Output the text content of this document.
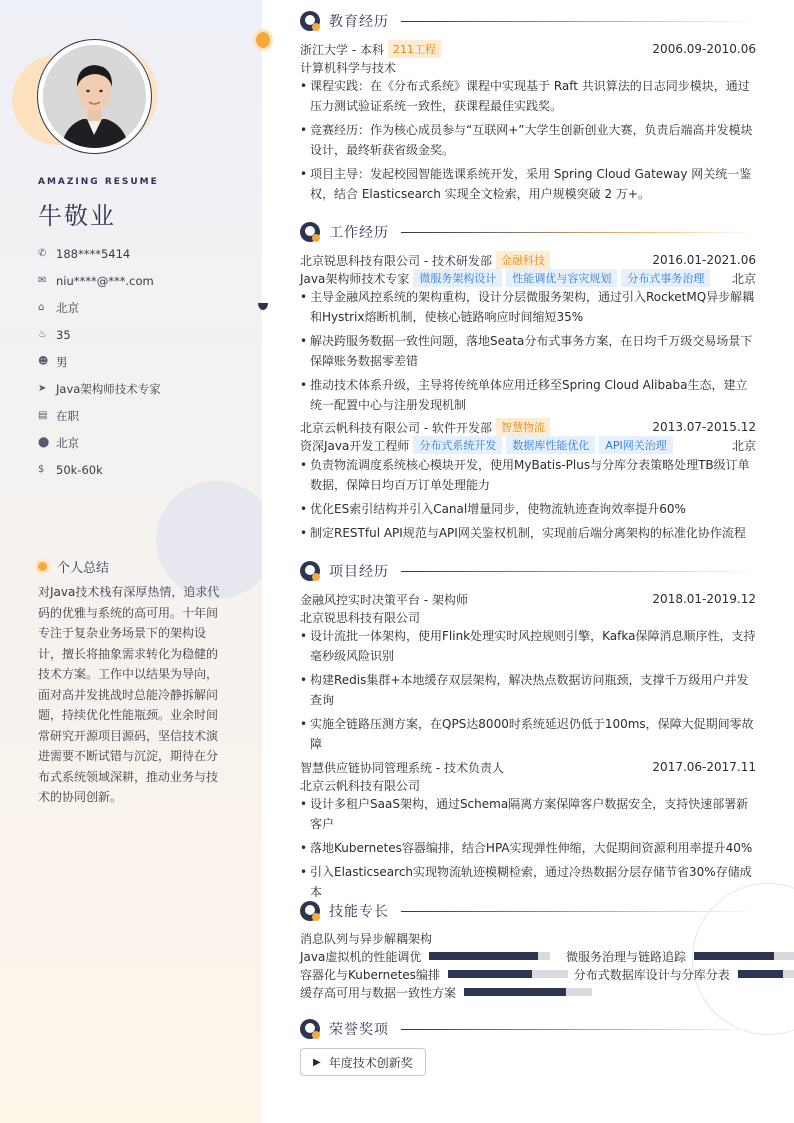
AMAZING RESUME
牛敬业
✆ 188****5414
✉ niu****@***.com
⌂	北京
♨ 35
☻ 男
➤ Java架构师技术专家
▤ 在职
⬤ 北京
$	50k-60k
个人总结
对Java技术栈有深厚热情，追求代码的优雅与系统的高可用。十年间专注于复杂业务场景下的架构设计，擅长将抽象需求转化为稳健的技术方案。工作中以结果为导向，面对高并发挑战时总能冷静拆解问题，持续优化性能瓶颈。业余时间常研究开源项目源码，坚信技术演进需要不断试错与沉淀，期待在分布式系统领域深耕，推动业务与技术的协同创新。
教育经历
浙江大学 - 本科 211工程	2006.09-2010.06
计算机科学与技术
• 课程实践：在《分布式系统》课程中实现基于 Raft 共识算法的日志同步模块，通过压力测试验证系统一致性，获课程最佳实践奖。
• 竞赛经历：作为核心成员参与“互联网+”大学生创新创业大赛，负责后端高并发模块设计，最终斩获省级金奖。
• 项目主导：发起校园智能选课系统开发，采用 Spring Cloud Gateway 网关统一鉴权，结合 Elasticsearch 实现全文检索，用户规模突破 2 万+。
工作经历
北京锐思科技有限公司 - 技术研发部 金融科技	2016.01-2021.06
Java架构师技术专家 微服务架构设计	性能调优与容灾规划	分布式事务治理	北京
• 主导金融风控系统的架构重构，设计分层微服务架构，通过引入RocketMQ异步解耦和Hystrix熔断机制，使核心链路响应时间缩短35%
• 解决跨服务数据一致性问题，落地Seata分布式事务方案，在日均千万级交易场景下保障账务数据零差错
• 推动技术体系升级，主导将传统单体应用迁移至Spring Cloud Alibaba生态，建立统一配置中心与注册发现机制
北京云帆科技有限公司 - 软件开发部 智慧物流	2013.07-2015.12
资深Java开发工程师 分布式系统开发	数据库性能优化	API网关治理	北京
• 负责物流调度系统核心模块开发，使用MyBatis-Plus与分库分表策略处理TB级订单数据，保障日均百万订单处理能力
• 优化ES索引结构并引入Canal增量同步，使物流轨迹查询效率提升60%
• 制定RESTful API规范与API网关鉴权机制，实现前后端分离架构的标准化协作流程
项目经历
金融风控实时决策平台 - 架构师	2018.01-2019.12
北京锐思科技有限公司
• 设计流批一体架构，使用Flink处理实时风控规则引擎，Kafka保障消息顺序性，支持毫秒级风险识别
• 构建Redis集群+本地缓存双层架构，解决热点数据访问瓶颈，支撑千万级用户并发查询
• 实施全链路压测方案，在QPS达8000时系统延迟仍低于100ms，保障大促期间零故障
智慧供应链协同管理系统 - 技术负责人	2017.06-2017.11
北京云帆科技有限公司
• 设计多租户SaaS架构，通过Schema隔离方案保障客户数据安全，支持快速部署新客户
• 落地Kubernetes容器编排，结合HPA实现弹性伸缩，大促期间资源利用率提升40%
• 引入Elasticsearch实现物流轨迹模糊检索，通过冷热数据分层存储节省30%存储成本
技能专长
消息队列与异步解耦架构
Java虚拟机的性能调优	微服务治理与链路追踪
容器化与Kubernetes编排	分布式数据库设计与分库分表
缓存高可用与数据一致性方案
荣誉奖项
▶ 年度技术创新奖
